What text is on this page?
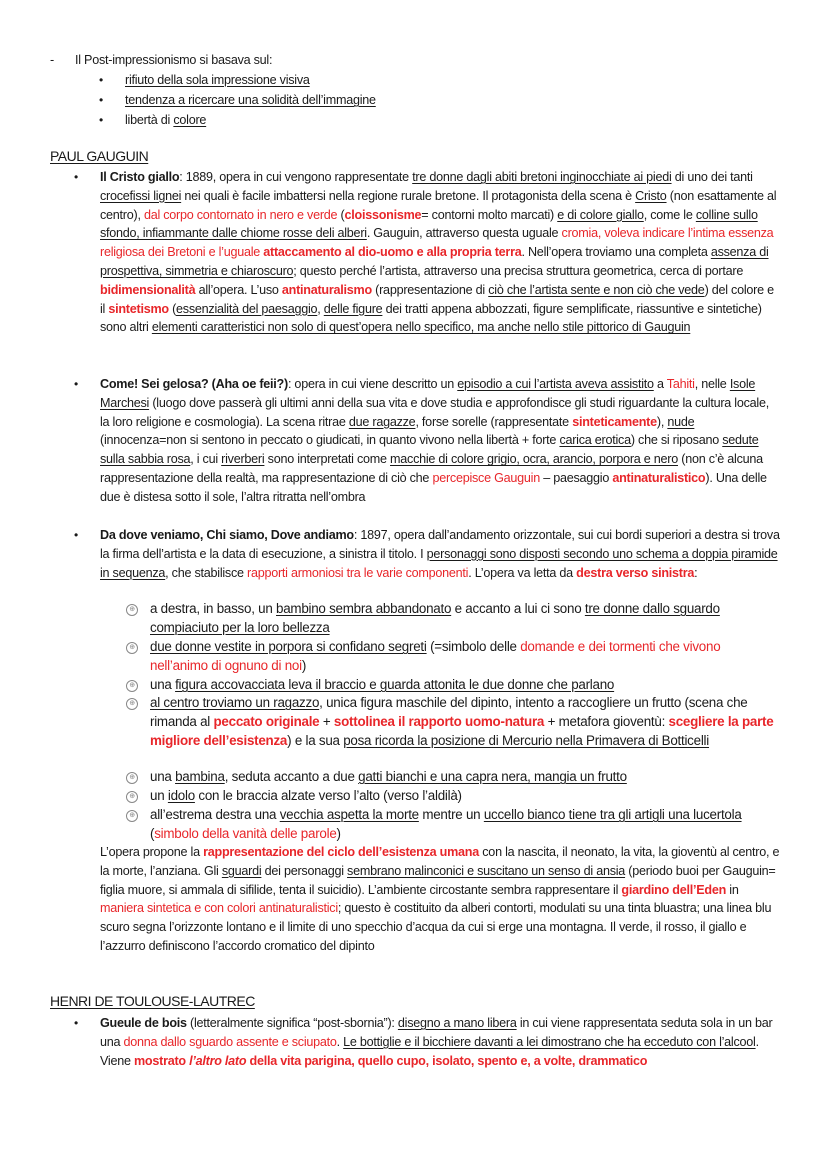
- Il Post-impressionismo si basava sul:
• rifiuto della sola impressione visiva
• tendenza a ricercare una solidità dell’immagine
• libertà di colore
PAUL GAUGUIN
• Il Cristo giallo: 1889, opera in cui vengono rappresentate tre donne dagli abiti bretoni inginocchiate ai piedi di uno dei tanti crocefissi lignei nei quali è facile imbattersi nella regione rurale bretone. Il protagonista della scena è Cristo (non esattamente al centro), dal corpo contornato in nero e verde (cloissonisme= contorni molto marcati) e di colore giallo, come le colline sullo sfondo, infiammante dalle chiome rosse deli alberi. Gauguin, attraverso questa uguale cromia, voleva indicare l’intima essenza religiosa dei Bretoni e l’uguale attaccamento al dio-uomo e alla propria terra. Nell’opera troviamo una completa assenza di prospettiva, simmetria e chiaroscuro; questo perché l’artista, attraverso una precisa struttura geometrica, cerca di portare bidimensionalità all’opera. L’uso antinaturalismo (rappresentazione di ciò che l’artista sente e non ciò che vede) del colore e il sintetismo (essenzialità del paesaggio, delle figure dei tratti appena abbozzati, figure semplificate, riassuntive e sintetiche) sono altri elementi caratteristici non solo di quest’opera nello specifico, ma anche nello stile pittorico di Gauguin
• Come! Sei gelosa? (Aha oe feii?): opera in cui viene descritto un episodio a cui l’artista aveva assistito a Tahiti, nelle Isole Marchesi (luogo dove passerà gli ultimi anni della sua vita e dove studia e approfondisce gli studi riguardante la cultura locale, la loro religione e cosmologia). La scena ritrae due ragazze, forse sorelle (rappresentate sinteticamente), nude (innocenza=non si sentono in peccato o giudicati, in quanto vivono nella libertà + forte carica erotica) che si riposano sedute sulla sabbia rosa, i cui riverberi sono interpretati come macchie di colore grigio, ocra, arancio, porpora e nero (non c’è alcuna rappresentazione della realtà, ma rappresentazione di ciò che percepisce Gauguin – paesaggio antinaturalistico). Una delle due è distesa sotto il sole, l’altra ritratta nell’ombra
• Da dove veniamo, Chi siamo, Dove andiamo: 1897, opera dall’andamento orizzontale, sui cui bordi superiori a destra si trova la firma dell’artista e la data di esecuzione, a sinistra il titolo. I personaggi sono disposti secondo uno schema a doppia piramide in sequenza, che stabilisce rapporti armoniosi tra le varie componenti. L’opera va letta da destra verso sinistra:
⊕ a destra, in basso, un bambino sembra abbandonato e accanto a lui ci sono tre donne dallo sguardo compiaciuto per la loro bellezza
⊕ due donne vestite in porpora si confidano segreti (=simbolo delle domande e dei tormenti che vivono nell’animo di ognuno di noi)
⊕ una figura accovacciata leva il braccio e guarda attonita le due donne che parlano
⊕ al centro troviamo un ragazzo, unica figura maschile del dipinto, intento a raccogliere un frutto (scena che rimanda al peccato originale + sottolinea il rapporto uomo-natura + metafora gioventù: scegliere la parte migliore dell’esistenza) e la sua posa ricorda la posizione di Mercurio nella Primavera di Botticelli
⊕ una bambina, seduta accanto a due gatti bianchi e una capra nera, mangia un frutto
⊕ un idolo con le braccia alzate verso l’alto (verso l’aldilà)
⊕ all’estrema destra una vecchia aspetta la morte mentre un uccello bianco tiene tra gli artigli una lucertola (simbolo della vanità delle parole)
L’opera propone la rappresentazione del ciclo dell’esistenza umana con la nascita, il neonato, la vita, la gioventù al centro, e la morte, l’anziana. Gli sguardi dei personaggi sembrano malinconici e suscitano un senso di ansia (periodo buoi per Gauguin= figlia muore, si ammala di sifilide, tenta il suicidio). L’ambiente circostante sembra rappresentare il giardino dell’Eden in maniera sintetica e con colori antinaturalistici; questo è costituito da alberi contorti, modulati su una tinta bluastra; una linea blu scuro segna l’orizzonte lontano e il limite di uno specchio d’acqua da cui si erge una montagna. Il verde, il rosso, il giallo e l’azzurro definiscono l’accordo cromatico del dipinto
HENRI DE TOULOUSE-LAUTREC
• Gueule de bois (letteralmente significa “post-sbornia”): disegno a mano libera in cui viene rappresentata seduta sola in un bar una donna dallo sguardo assente e sciupato. Le bottiglie e il bicchiere davanti a lei dimostrano che ha ecceduto con l’alcool. Viene mostrato l’altro lato della vita parigina, quello cupo, isolato, spento e, a volte, drammatico
